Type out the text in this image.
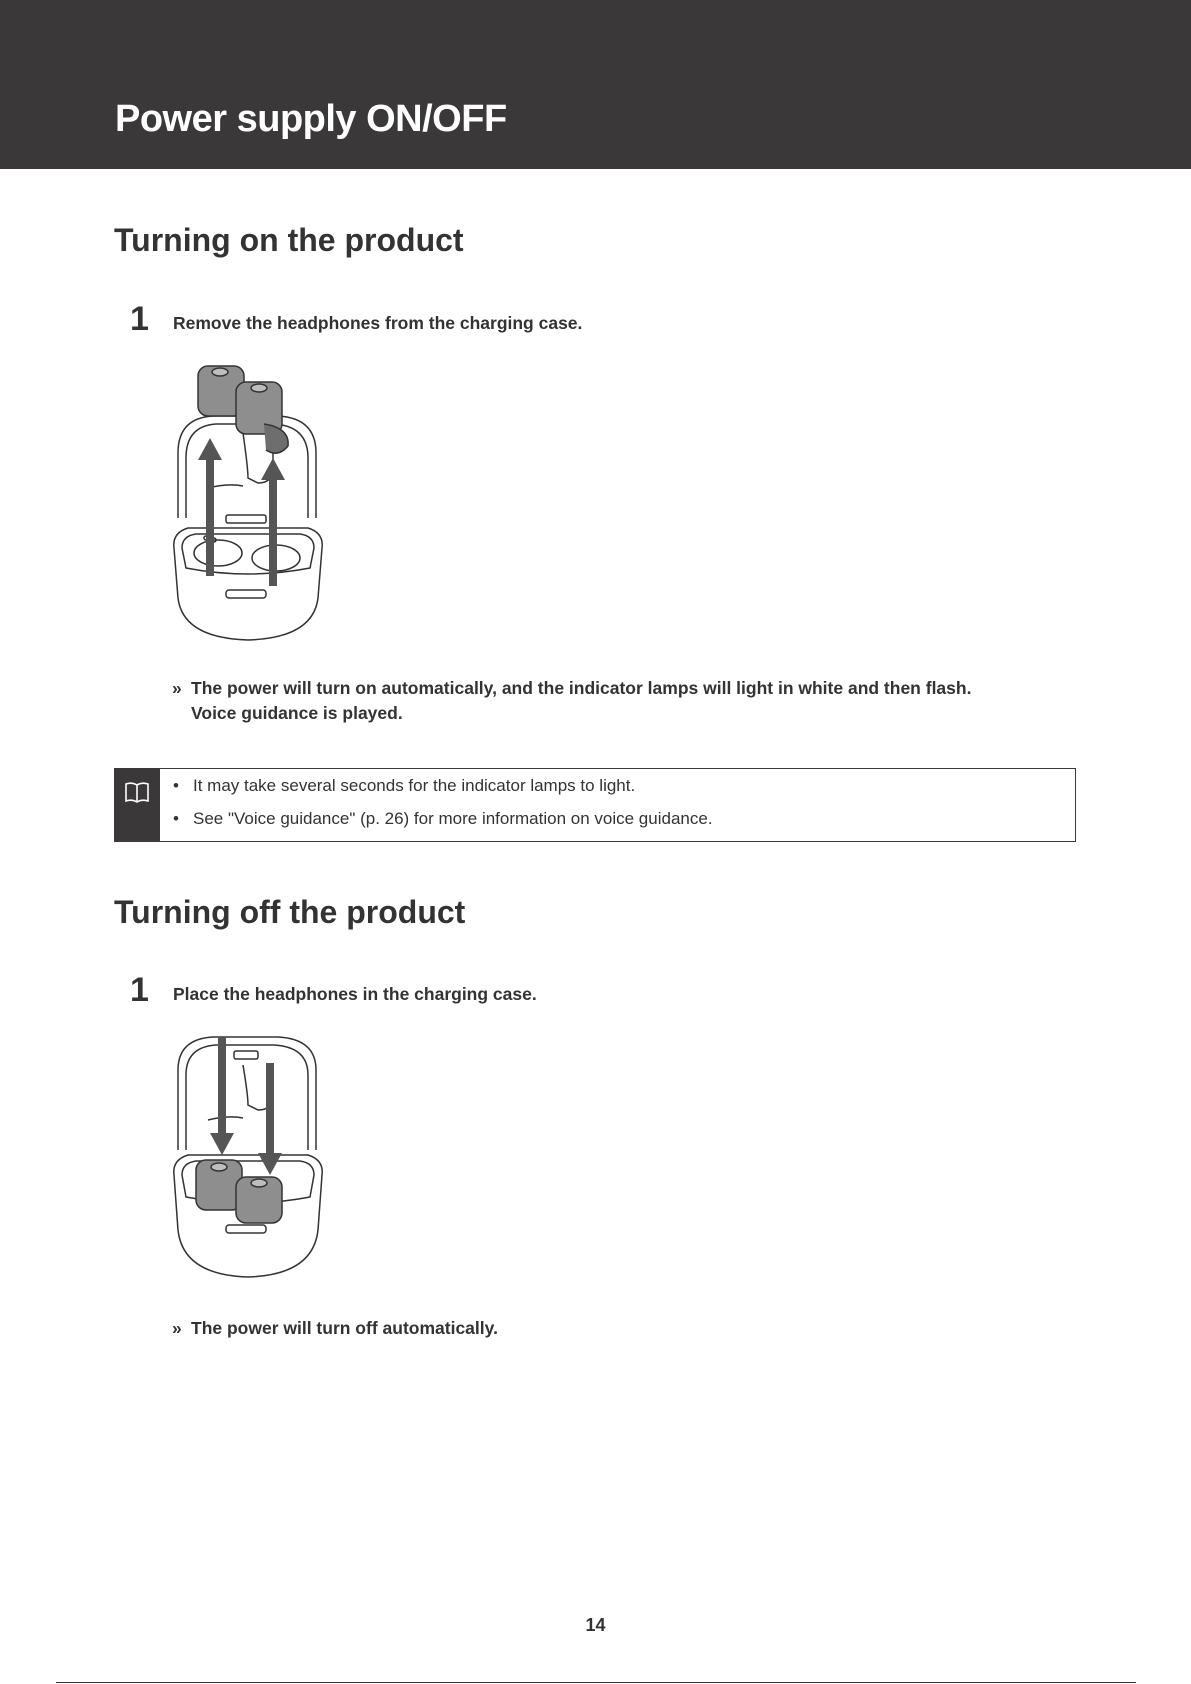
Power supply ON/OFF
Turning on the product
1 Remove the headphones from the charging case.
» The power will turn on automatically, and the indicator lamps will light in white and then flash.
Voice guidance is played.
• It may take several seconds for the indicator lamps to light.
• See "Voice guidance" (p. 26) for more information on voice guidance.
Turning off the product
1 Place the headphones in the charging case.
» The power will turn off automatically.
14
